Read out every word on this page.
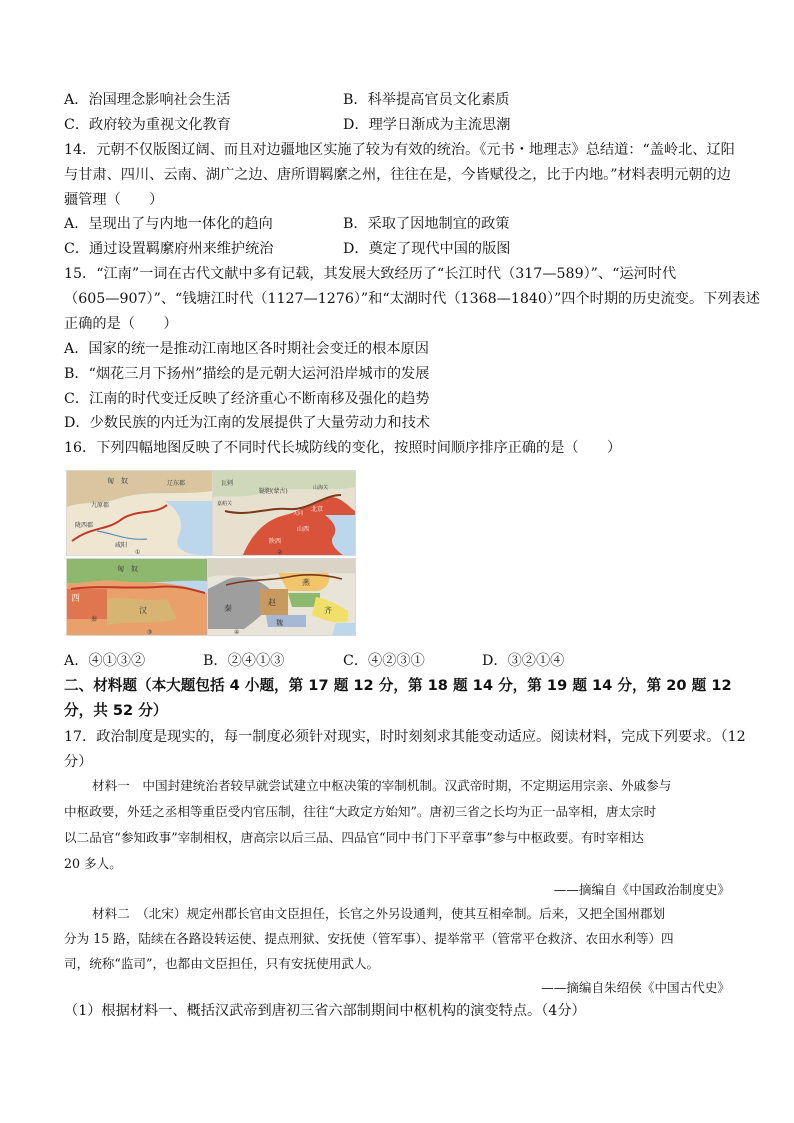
A．治国理念影响社会生活	B．科举提高官员文化素质
C．政府较为重视文化教育	D．理学日渐成为主流思潮
14．元朝不仅版图辽阔、而且对边疆地区实施了较为有效的统治。《元书・地理志》总结道：“盖岭北、辽阳
与甘肃、四川、云南、湖广之边、唐所谓羁縻之州，往往在是，今皆赋役之，比于内地。”材料表明元朝的边
疆管理（　　）
A．呈现出了与内地一体化的趋向	B．采取了因地制宜的政策
C．通过设置羁縻府州来维护统治	D．奠定了现代中国的版图
15．“江南”一词在古代文献中多有记载，其发展大致经历了“长江时代（317—589）”、“运河时代
（605—907）”、“钱塘江时代（1127—1276）”和“太湖时代（1368—1840）”四个时期的历史流变。下列表述
正确的是（　　）
A．国家的统一是推动江南地区各时期社会变迁的根本原因
B．“烟花三月下扬州”描绘的是元朝大运河沿岸城市的发展
C．江南的时代变迁反映了经济重心不断南移及强化的趋势
D．少数民族的内迁为江南的发展提供了大量劳动力和技术
16．下列四幅地图反映了不同时代长城防线的变化，按照时间顺序排序正确的是（　　）
匈　奴
九原郡
辽东郡
陇西郡
咸阳
①
鞑靼(蒙古)	山海关
嘉峪关
陕西
北京
山西
大同
瓦剌
②
匈　奴
西
汉
秦
③
燕
赵
魏
齐
秦
④
A．④①③②	B．②④①③	C．④②③①	D．③②①④
二、材料题（本大题包括 4 小题，第 17 题 12 分，第 18 题 14 分，第 19 题 14 分，第 20 题 12
分，共 52 分）
17．政治制度是现实的，每一制度必须针对现实，时时刻刻求其能变动适应。阅读材料，完成下列要求。（12
分）
材料一　中国封建统治者较早就尝试建立中枢决策的宰制机制。汉武帝时期，不定期运用宗亲、外戚参与
中枢政要，外廷之丞相等重臣受内官压制，往往“大政定方始知”。唐初三省之长均为正一品宰相，唐太宗时
以二品官“参知政事”宰制相权，唐高宗以后三品、四品官“同中书门下平章事”参与中枢政要。有时宰相达
20 多人。
——摘编自《中国政治制度史》
材料二　（北宋）规定州郡长官由文臣担任，长官之外另设通判，使其互相牵制。后来，又把全国州郡划
分为 15 路，陆续在各路设转运使、提点刑狱、安抚使（管军事）、提举常平（管常平仓救济、农田水利等）四
司，统称“监司”，也都由文臣担任，只有安抚使用武人。
——摘编自朱绍侯《中国古代史》
（1）根据材料一、概括汉武帝到唐初三省六部制期间中枢机构的演变特点。（4分）
